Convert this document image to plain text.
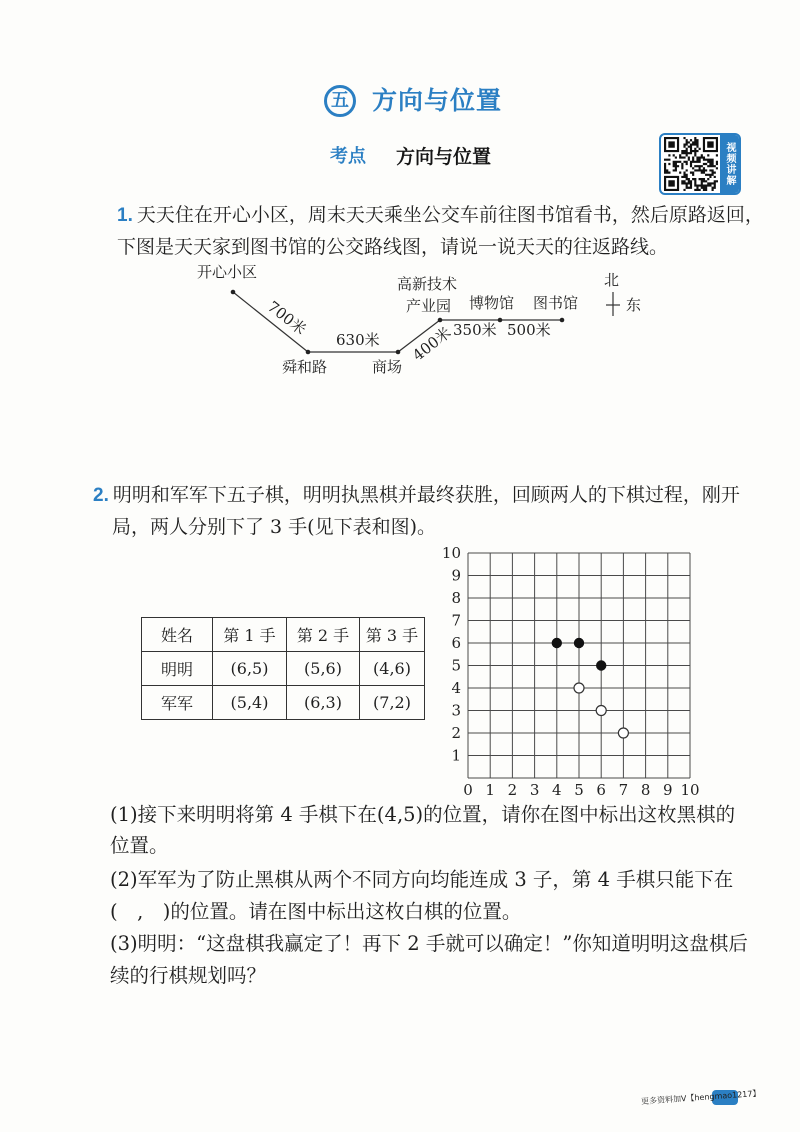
五 方向与位置
考点 方向与位置	视频讲解
1. 天天住在开心小区，周末天天乘坐公交车前往图书馆看书，然后原路返回，
下图是天天家到图书馆的公交路线图，请说一说天天的往返路线。
开心小区
700米
舜和路
630米
商场
400米
高新技术
产业园 博物馆 图书馆
350米 500米
北
东
2. 明明和军军下五子棋，明明执黑棋并最终获胜，回顾两人的下棋过程，刚开
局，两人分别下了 3 手(见下表和图)。
姓名	第 1 手	第 2 手	第 3 手
明明	(6,5)	(5,6)	(4,6)
军军	(5,4)	(6,3)	(7,2)
0 1 2 3 4 5 6 7 8 9 10
1
2
3
4
5
6
7
8
9
10
(1)接下来明明将第 4 手棋下在(4,5)的位置，请你在图中标出这枚黑棋的
位置。
(2)军军为了防止黑棋从两个不同方向均能连成 3 子，第 4 手棋只能下在
(　,　)的位置。请在图中标出这枚白棋的位置。
(3)明明：“这盘棋我赢定了！再下 2 手就可以确定！”你知道明明这盘棋后
续的行棋规划吗？
更多资料加V【hengmao1217】
